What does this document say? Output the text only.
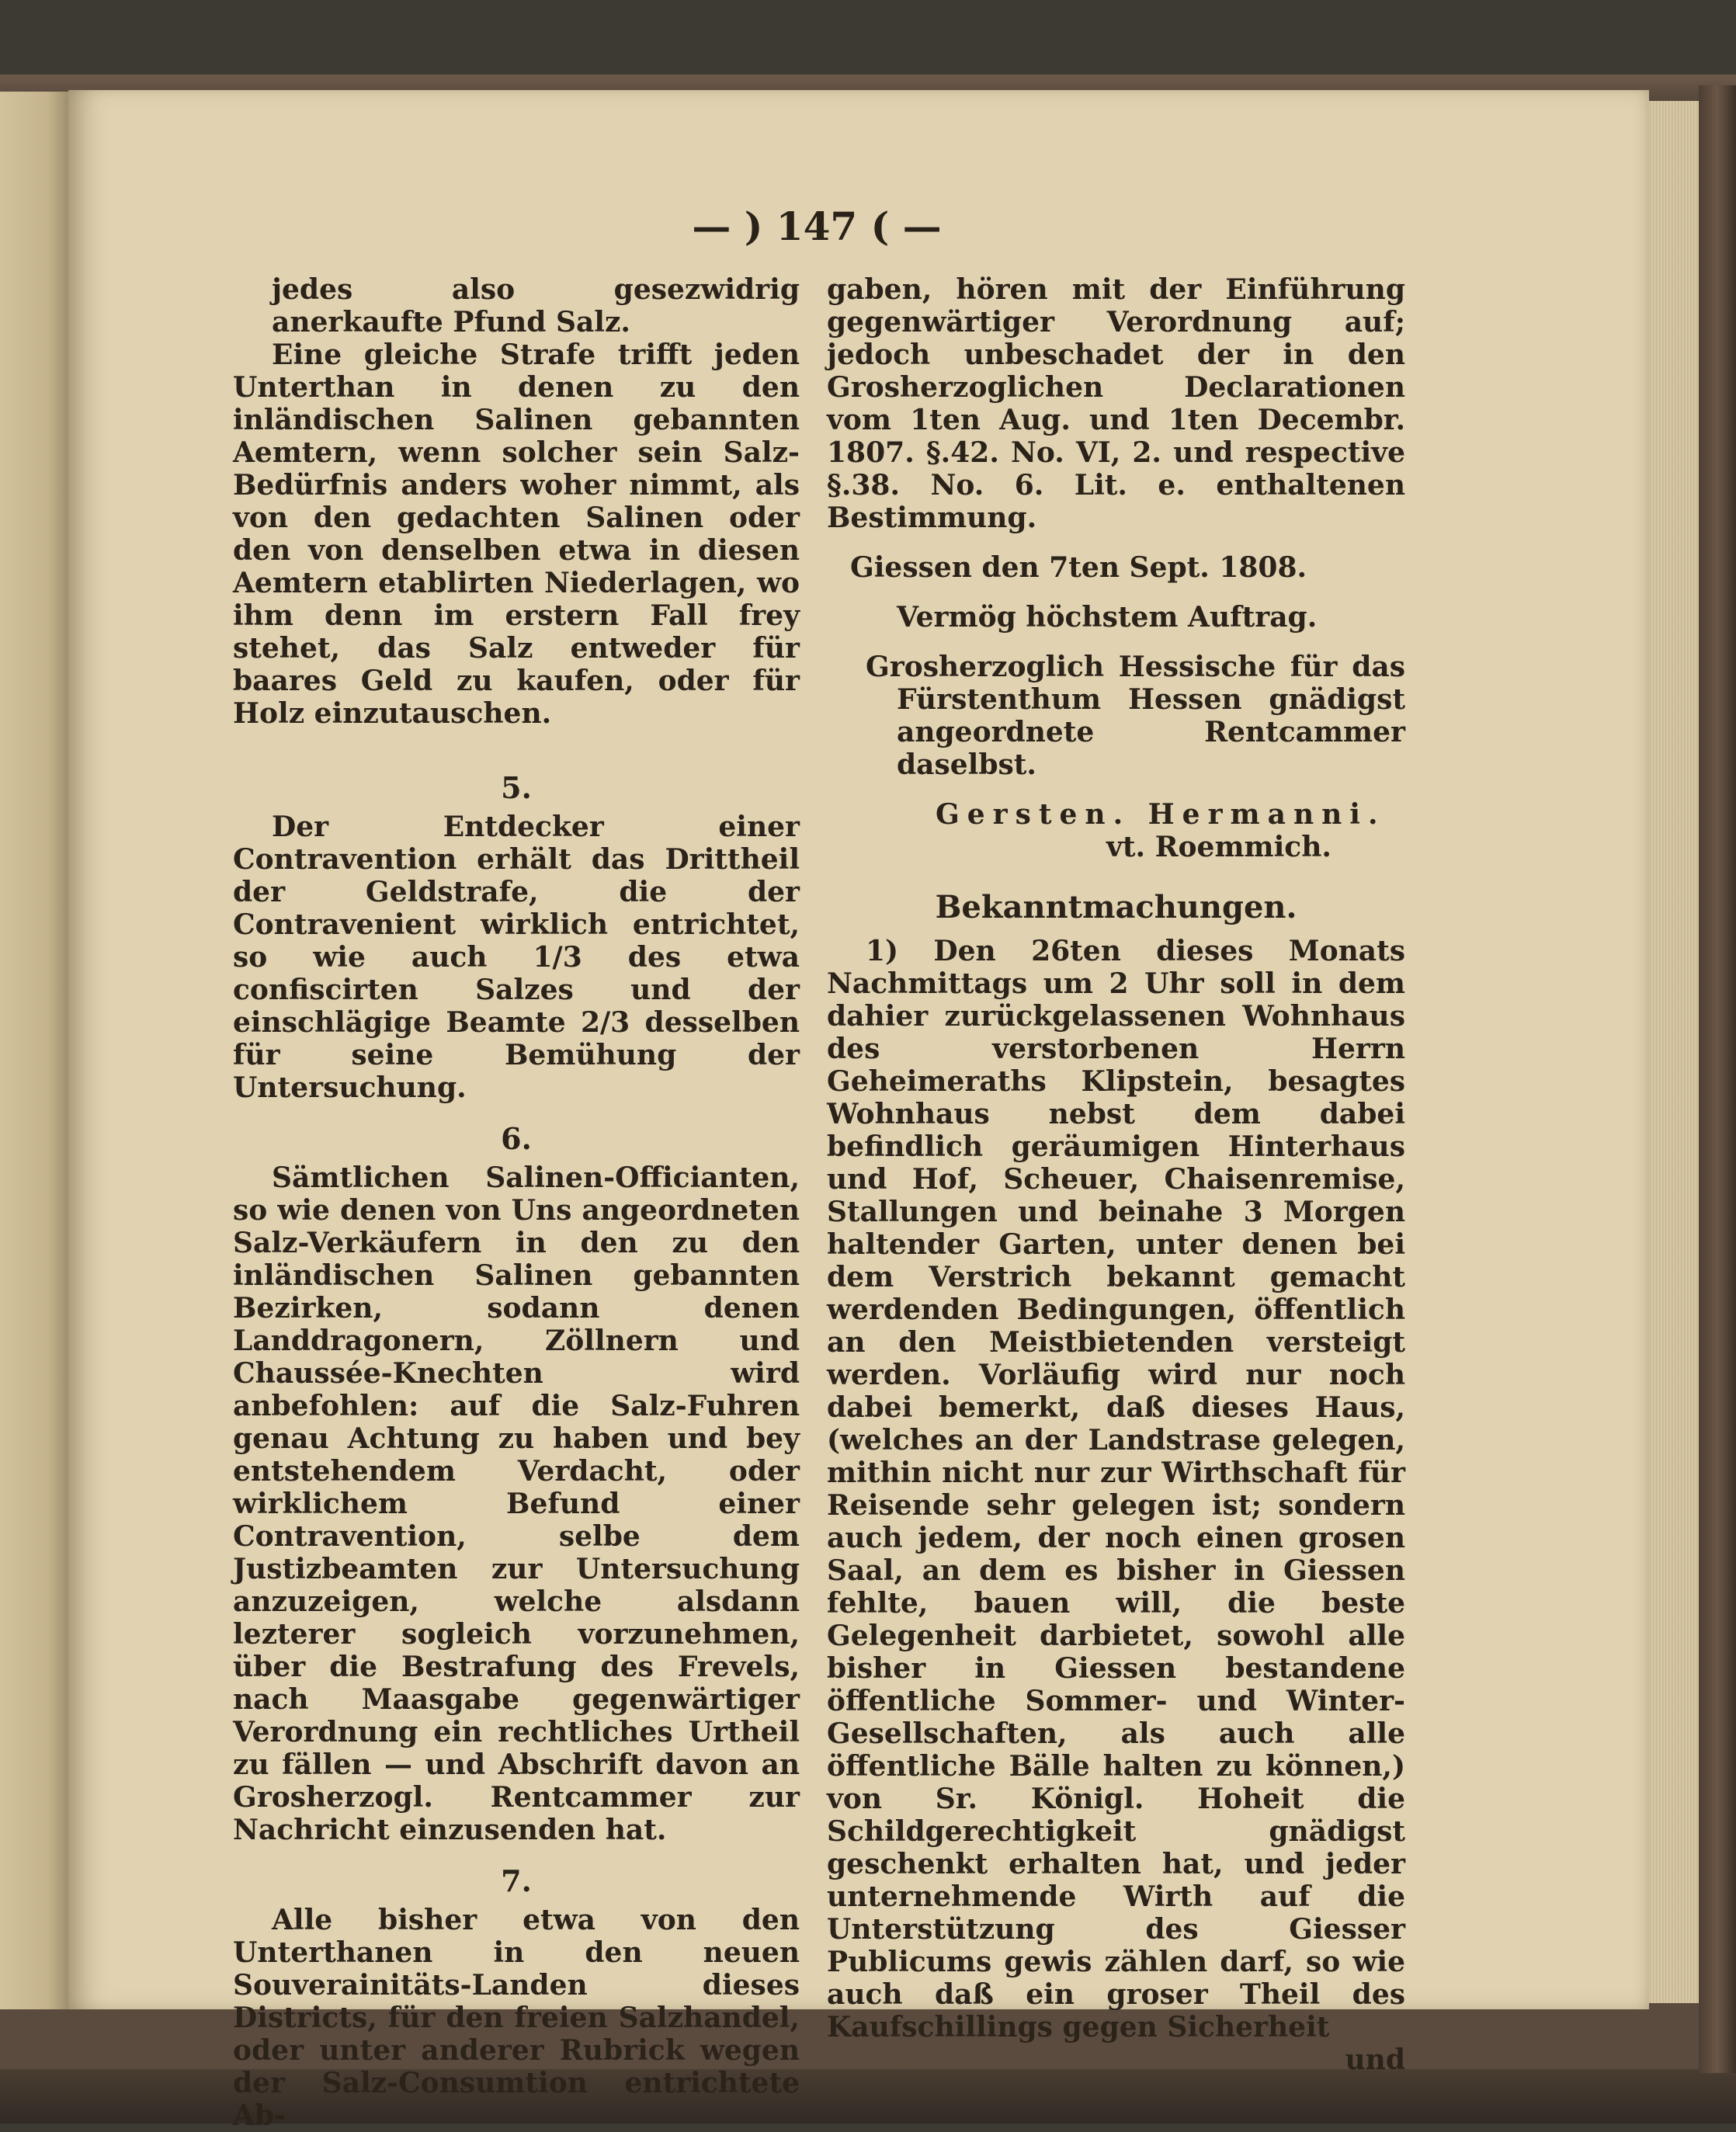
— ) 147 ( —

jedes also gesezwidrig anerkaufte Pfund Salz.

Eine gleiche Strafe trifft jeden Unterthan in denen zu den inländischen Salinen gebannten Aemtern, wenn solcher sein Salz-Bedürfnis anders woher nimmt, als von den gedachten Salinen oder den von denselben etwa in diesen Aemtern etablirten Niederlagen, wo ihm denn im erstern Fall frey stehet, das Salz entweder für baares Geld zu kaufen, oder für Holz einzutauschen.

5.

Der Entdecker einer Contravention erhält das Drittheil der Geldstrafe, die der Contravenient wirklich entrichtet, so wie auch 1/3 des etwa confiscirten Salzes und der einschlägige Beamte 2/3 desselben für seine Bemühung der Untersuchung.

6.

Sämtlichen Salinen-Officianten, so wie denen von Uns angeordneten Salz-Verkäufern in den zu den inländischen Salinen gebannten Bezirken, sodann denen Landdragonern, Zöllnern und Chaussée-Knechten wird anbefohlen: auf die Salz-Fuhren genau Achtung zu haben und bey entstehendem Verdacht, oder wirklichem Befund einer Contravention, selbe dem Justizbeamten zur Untersuchung anzuzeigen, welche alsdann lezterer sogleich vorzunehmen, über die Bestrafung des Frevels, nach Maasgabe gegenwärtiger Verordnung ein rechtliches Urtheil zu fällen — und Abschrift davon an Grosherzogl. Rentcammer zur Nachricht einzusenden hat.

7.

Alle bisher etwa von den Unterthanen in den neuen Souverainitäts-Landen dieses Districts, für den freien Salzhandel, oder unter anderer Rubrick wegen der Salz-Consumtion entrichtete Ab-

gaben, hören mit der Einführung gegenwärtiger Verordnung auf; jedoch unbeschadet der in den Grosherzoglichen Declarationen vom 1ten Aug. und 1ten Decembr. 1807. §.42. No. VI, 2. und respective §.38. No. 6. Lit. e. enthaltenen Bestimmung.

Giessen den 7ten Sept. 1808.

Vermög höchstem Auftrag.

Grosherzoglich Hessische für das Fürstenthum Hessen gnädigst angeordnete Rentcammer daselbst.

Gersten. Hermanni.

vt. Roemmich.

Bekanntmachungen.

1) Den 26ten dieses Monats Nachmittags um 2 Uhr soll in dem dahier zurückgelassenen Wohnhaus des verstorbenen Herrn Geheimeraths Klipstein, besagtes Wohnhaus nebst dem dabei befindlich geräumigen Hinterhaus und Hof, Scheuer, Chaisenremise, Stallungen und beinahe 3 Morgen haltender Garten, unter denen bei dem Verstrich bekannt gemacht werdenden Bedingungen, öffentlich an den Meistbietenden versteigt werden. Vorläufig wird nur noch dabei bemerkt, daß dieses Haus, (welches an der Landstrase gelegen, mithin nicht nur zur Wirthschaft für Reisende sehr gelegen ist; sondern auch jedem, der noch einen grosen Saal, an dem es bisher in Giessen fehlte, bauen will, die beste Gelegenheit darbietet, sowohl alle bisher in Giessen bestandene öffentliche Sommer- und Winter-Gesellschaften, als auch alle öffentliche Bälle halten zu können,) von Sr. Königl. Hoheit die Schildgerechtigkeit gnädigst geschenkt erhalten hat, und jeder unternehmende Wirth auf die Unterstützung des Giesser Publicums gewis zählen darf, so wie auch daß ein groser Theil des Kaufschillings gegen Sicherheit

und
